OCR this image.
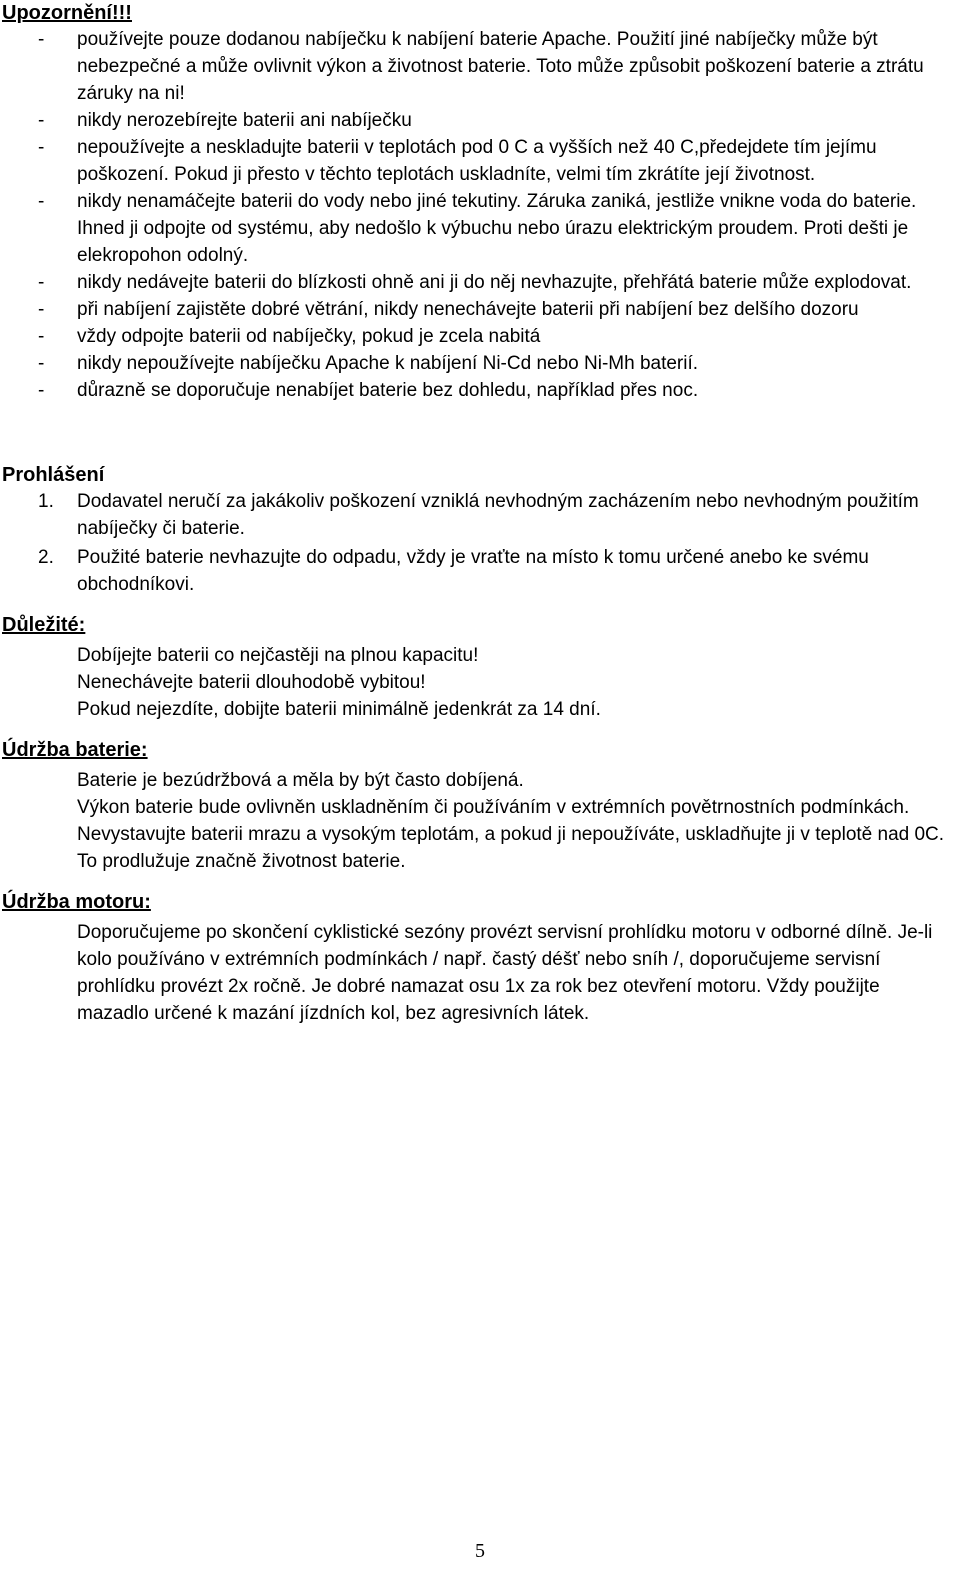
Upozornění!!!
- používejte pouze dodanou nabíječku k nabíjení baterie Apache. Použití jiné nabíječky může být nebezpečné a může ovlivnit výkon a životnost baterie. Toto může způsobit poškození baterie a ztrátu záruky na ni!
- nikdy nerozebírejte baterii ani nabíječku
- nepoužívejte a neskladujte baterii v teplotách pod 0 C a vyšších než 40 C,předejdete tím jejímu poškození. Pokud ji přesto v těchto teplotách uskladníte, velmi tím zkrátíte její životnost.
- nikdy nenamáčejte baterii do vody nebo jiné tekutiny. Záruka zaniká, jestliže vnikne voda do baterie. Ihned ji odpojte od systému, aby nedošlo k výbuchu nebo úrazu elektrickým proudem. Proti dešti je elekropohon odolný.
- nikdy nedávejte baterii do blízkosti ohně ani ji do něj nevhazujte, přehřátá baterie může explodovat.
- při nabíjení zajistěte dobré větrání, nikdy nenechávejte baterii při nabíjení bez delšího dozoru
- vždy odpojte baterii od nabíječky, pokud je zcela nabitá
- nikdy nepoužívejte nabíječku Apache k nabíjení Ni-Cd nebo Ni-Mh baterií.
- důrazně se doporučuje nenabíjet baterie bez dohledu, například přes noc.
Prohlášení
1. Dodavatel neručí za jakákoliv poškození vzniklá nevhodným zacházením nebo nevhodným použitím nabíječky či baterie.
2. Použité baterie nevhazujte do odpadu, vždy je vraťte na místo k tomu určené anebo ke svému obchodníkovi.
Důležité:
Dobíjejte baterii co nejčastěji na plnou kapacitu!
Nenechávejte baterii dlouhodobě vybitou!
Pokud nejezdíte, dobijte baterii minimálně jedenkrát za 14 dní.
Údržba baterie:
Baterie je bezúdržbová a měla by být často dobíjená.
Výkon baterie bude ovlivněn uskladněním či používáním v extrémních povětrnostních podmínkách. Nevystavujte baterii mrazu a vysokým teplotám, a pokud ji nepoužíváte, uskladňujte ji v teplotě nad 0C. To prodlužuje značně životnost baterie.
Údržba motoru:

Doporučujeme po skončení cyklistické sezóny provézt servisní prohlídku motoru v odborné dílně. Je-li kolo používáno v extrémních podmínkách / např. častý déšť nebo sníh /, doporučujeme servisní prohlídku provézt 2x ročně. Je dobré namazat osu 1x za rok bez otevření motoru. Vždy použijte mazadlo určené k mazání jízdních kol, bez agresivních látek.

5
